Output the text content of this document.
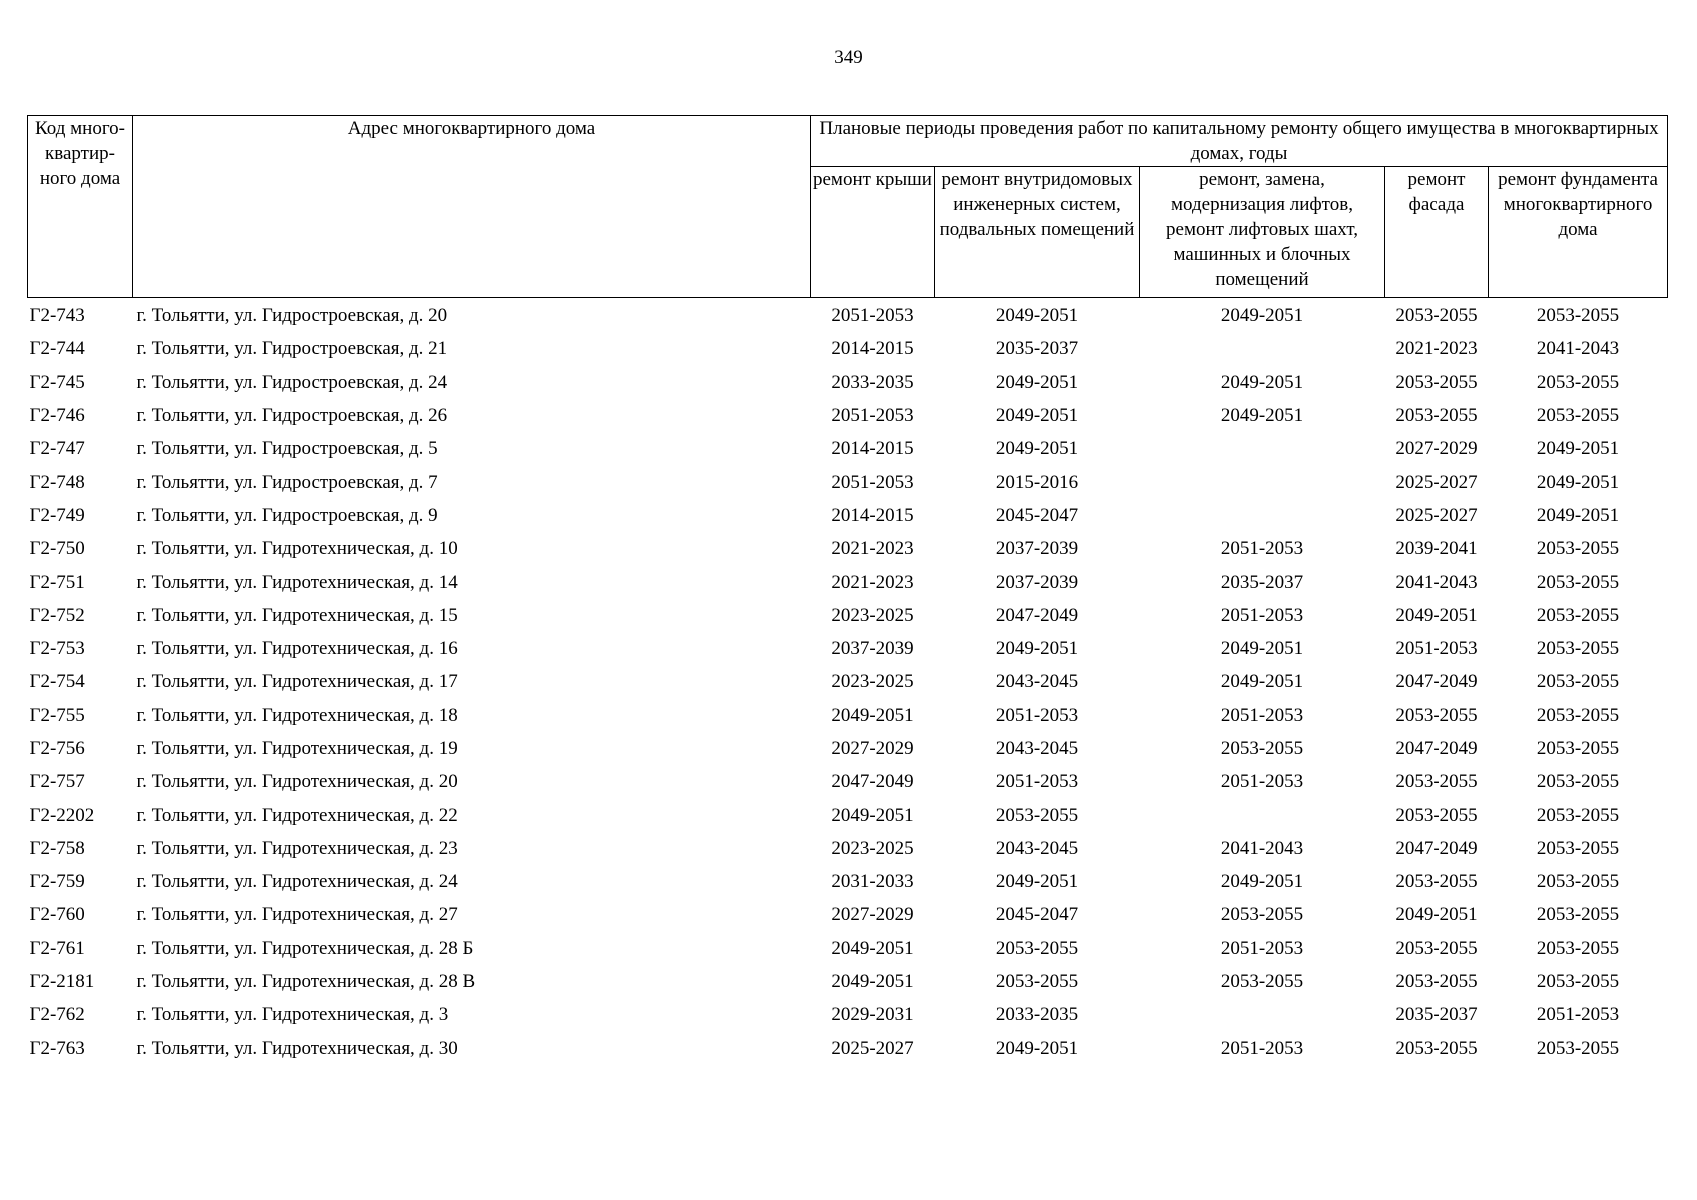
349
Код много-квартир-ного дома	Адрес многоквартирного дома	Плановые периоды проведения работ по капитальному ремонту общего имущества в многоквартирных домах, годы				
		ремонт крыши	ремонт внутридомовых инженерных систем, подвальных помещений	ремонт, замена, модернизация лифтов, ремонт лифтовых шахт, машинных и блочных помещений	ремонт фасада	ремонт фундамента многоквартирного дома
Г2-743	г. Тольятти, ул. Гидростроевская, д. 20	2051-2053	2049-2051	2049-2051	2053-2055	2053-2055
Г2-744	г. Тольятти, ул. Гидростроевская, д. 21	2014-2015	2035-2037		2021-2023	2041-2043
Г2-745	г. Тольятти, ул. Гидростроевская, д. 24	2033-2035	2049-2051	2049-2051	2053-2055	2053-2055
Г2-746	г. Тольятти, ул. Гидростроевская, д. 26	2051-2053	2049-2051	2049-2051	2053-2055	2053-2055
Г2-747	г. Тольятти, ул. Гидростроевская, д. 5	2014-2015	2049-2051		2027-2029	2049-2051
Г2-748	г. Тольятти, ул. Гидростроевская, д. 7	2051-2053	2015-2016		2025-2027	2049-2051
Г2-749	г. Тольятти, ул. Гидростроевская, д. 9	2014-2015	2045-2047		2025-2027	2049-2051
Г2-750	г. Тольятти, ул. Гидротехническая, д. 10	2021-2023	2037-2039	2051-2053	2039-2041	2053-2055
Г2-751	г. Тольятти, ул. Гидротехническая, д. 14	2021-2023	2037-2039	2035-2037	2041-2043	2053-2055
Г2-752	г. Тольятти, ул. Гидротехническая, д. 15	2023-2025	2047-2049	2051-2053	2049-2051	2053-2055
Г2-753	г. Тольятти, ул. Гидротехническая, д. 16	2037-2039	2049-2051	2049-2051	2051-2053	2053-2055
Г2-754	г. Тольятти, ул. Гидротехническая, д. 17	2023-2025	2043-2045	2049-2051	2047-2049	2053-2055
Г2-755	г. Тольятти, ул. Гидротехническая, д. 18	2049-2051	2051-2053	2051-2053	2053-2055	2053-2055
Г2-756	г. Тольятти, ул. Гидротехническая, д. 19	2027-2029	2043-2045	2053-2055	2047-2049	2053-2055
Г2-757	г. Тольятти, ул. Гидротехническая, д. 20	2047-2049	2051-2053	2051-2053	2053-2055	2053-2055
Г2-2202	г. Тольятти, ул. Гидротехническая, д. 22	2049-2051	2053-2055		2053-2055	2053-2055
Г2-758	г. Тольятти, ул. Гидротехническая, д. 23	2023-2025	2043-2045	2041-2043	2047-2049	2053-2055
Г2-759	г. Тольятти, ул. Гидротехническая, д. 24	2031-2033	2049-2051	2049-2051	2053-2055	2053-2055
Г2-760	г. Тольятти, ул. Гидротехническая, д. 27	2027-2029	2045-2047	2053-2055	2049-2051	2053-2055
Г2-761	г. Тольятти, ул. Гидротехническая, д. 28 Б	2049-2051	2053-2055	2051-2053	2053-2055	2053-2055
Г2-2181	г. Тольятти, ул. Гидротехническая, д. 28 В	2049-2051	2053-2055	2053-2055	2053-2055	2053-2055
Г2-762	г. Тольятти, ул. Гидротехническая, д. 3	2029-2031	2033-2035		2035-2037	2051-2053
Г2-763	г. Тольятти, ул. Гидротехническая, д. 30	2025-2027	2049-2051	2051-2053	2053-2055	2053-2055
